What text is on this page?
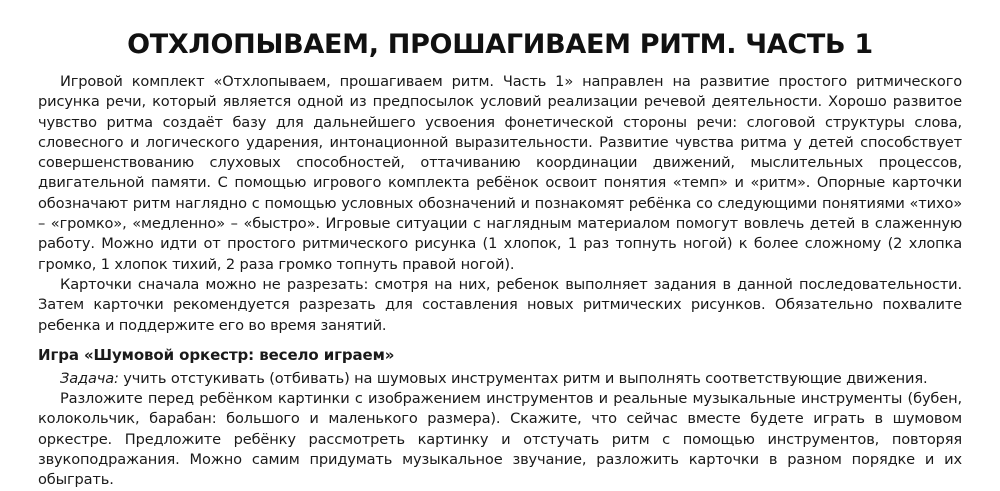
ОТХЛОПЫВАЕМ, ПРОШАГИВАЕМ РИТМ. ЧАСТЬ 1

Игровой комплект «Отхлопываем, прошагиваем ритм. Часть 1» направлен на развитие простого ритмического рисунка речи, который является одной из предпосылок условий реализации речевой деятельности. Хорошо развитое чувство ритма создаёт базу для дальнейшего усвоения фонетической стороны речи: слоговой структуры слова, словесного и логического ударения, интонационной выразительности. Развитие чувства ритма у детей способствует совершенствованию слуховых способностей, оттачиванию координации движений, мыслительных процессов, двигательной памяти. С помощью игрового комплекта ребёнок освоит понятия «темп» и «ритм». Опорные карточки обозначают ритм наглядно с помощью условных обозначений и познакомят ребёнка со следующими понятиями «тихо» – «громко», «медленно» – «быстро». Игровые ситуации с наглядным материалом помогут вовлечь детей в слаженную работу. Можно идти от простого ритмического рисунка (1 хлопок, 1 раз топнуть ногой) к более сложному (2 хлопка громко, 1 хлопок тихий, 2 раза громко топнуть правой ногой).

Карточки сначала можно не разрезать: смотря на них, ребенок выполняет задания в данной последовательности. Затем карточки рекомендуется разрезать для составления новых ритмических рисунков. Обязательно похвалите ребенка и поддержите его во время занятий.

Игра «Шумовой оркестр: весело играем»

Задача: учить отстукивать (отбивать) на шумовых инструментах ритм и выполнять соответствующие движения.

Разложите перед ребёнком картинки с изображением инструментов и реальные музыкальные инструменты (бубен, колокольчик, барабан: большого и маленького размера). Скажите, что сейчас вместе будете играть в шумовом оркестре. Предложите ребёнку рассмотреть картинку и отстучать ритм с помощью инструментов, повторяя звукоподражания. Можно самим придумать музыкальное звучание, разложить карточки в разном порядке и их обыграть.
